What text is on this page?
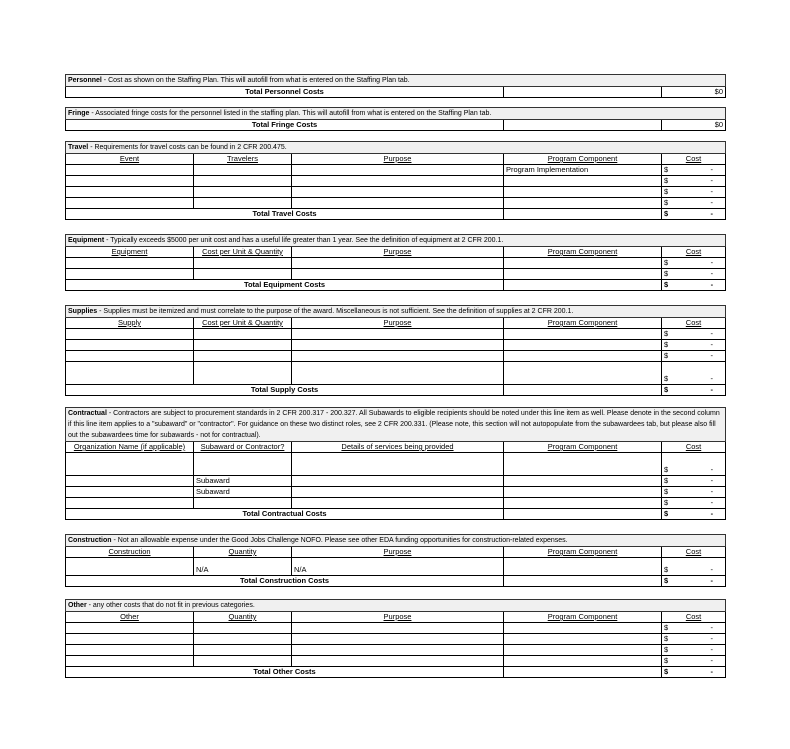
Personnel - Cost as shown on the Staffing Plan. This will autofill from what is entered on the Staffing Plan tab.
Total Personnel Costs		$0
Fringe - Associated fringe costs for the personnel listed in the staffing plan. This will autofill from what is entered on the Staffing Plan tab.
Total Fringe Costs		$0
Travel - Requirements for travel costs can be found in 2 CFR 200.475.				
Event	Travelers	Purpose	Program Component	Cost
			Program Implementation	$ -

				$ -

				$ -

				$ -

Total Travel Costs				$ -
Equipment - Typically exceeds $5000 per unit cost and has a useful life greater than 1 year. See the definition of equipment at 2 CFR 200.1.				
Equipment	Cost per Unit & Quantity	Purpose	Program Component	Cost

				$ -

				$ -

Total Equipment Costs				$ -
Supplies - Supplies must be itemized and must correlate to the purpose of the award. Miscellaneous is not sufficient. See the definition of supplies at 2 CFR 200.1.				
Supply	Cost per Unit & Quantity	Purpose	Program Component	Cost

				$ -

				$ -

				$ -

				$ -

Total Supply Costs				$ -
Contractual - Contractors are subject to procurement standards in 2 CFR 200.317 - 200.327. All Subawards to eligible recipients should be noted under this line item as well. Please denote in the second column if this line item applies to a "subaward" or "contractor". For guidance on these two distinct roles, see 2 CFR 200.331. (Please note, this section will not autopopulate from the subawardees tab, but please also fill out the subawardees time for subawards - not for contractual).				
Organization Name (if applicable)	Subaward or Contractor?	Details of services being provided	Program Component	Cost

				$ -

	Subaward			$ -

	Subaward			$ -

				$ -

Total Contractual Costs				$ -
Construction - Not an allowable expense under the Good Jobs Challenge NOFO. Please see other EDA funding opportunities for construction-related expenses.				
Construction	Quantity	Purpose	Program Component	Cost
	N/A	N/A		$ -

Total Construction Costs				$ -
Other - any other costs that do not fit in previous categories.				
Other	Quantity	Purpose	Program Component	Cost

				$ -

				$ -

				$ -

				$ -

Total Other Costs				$ -
